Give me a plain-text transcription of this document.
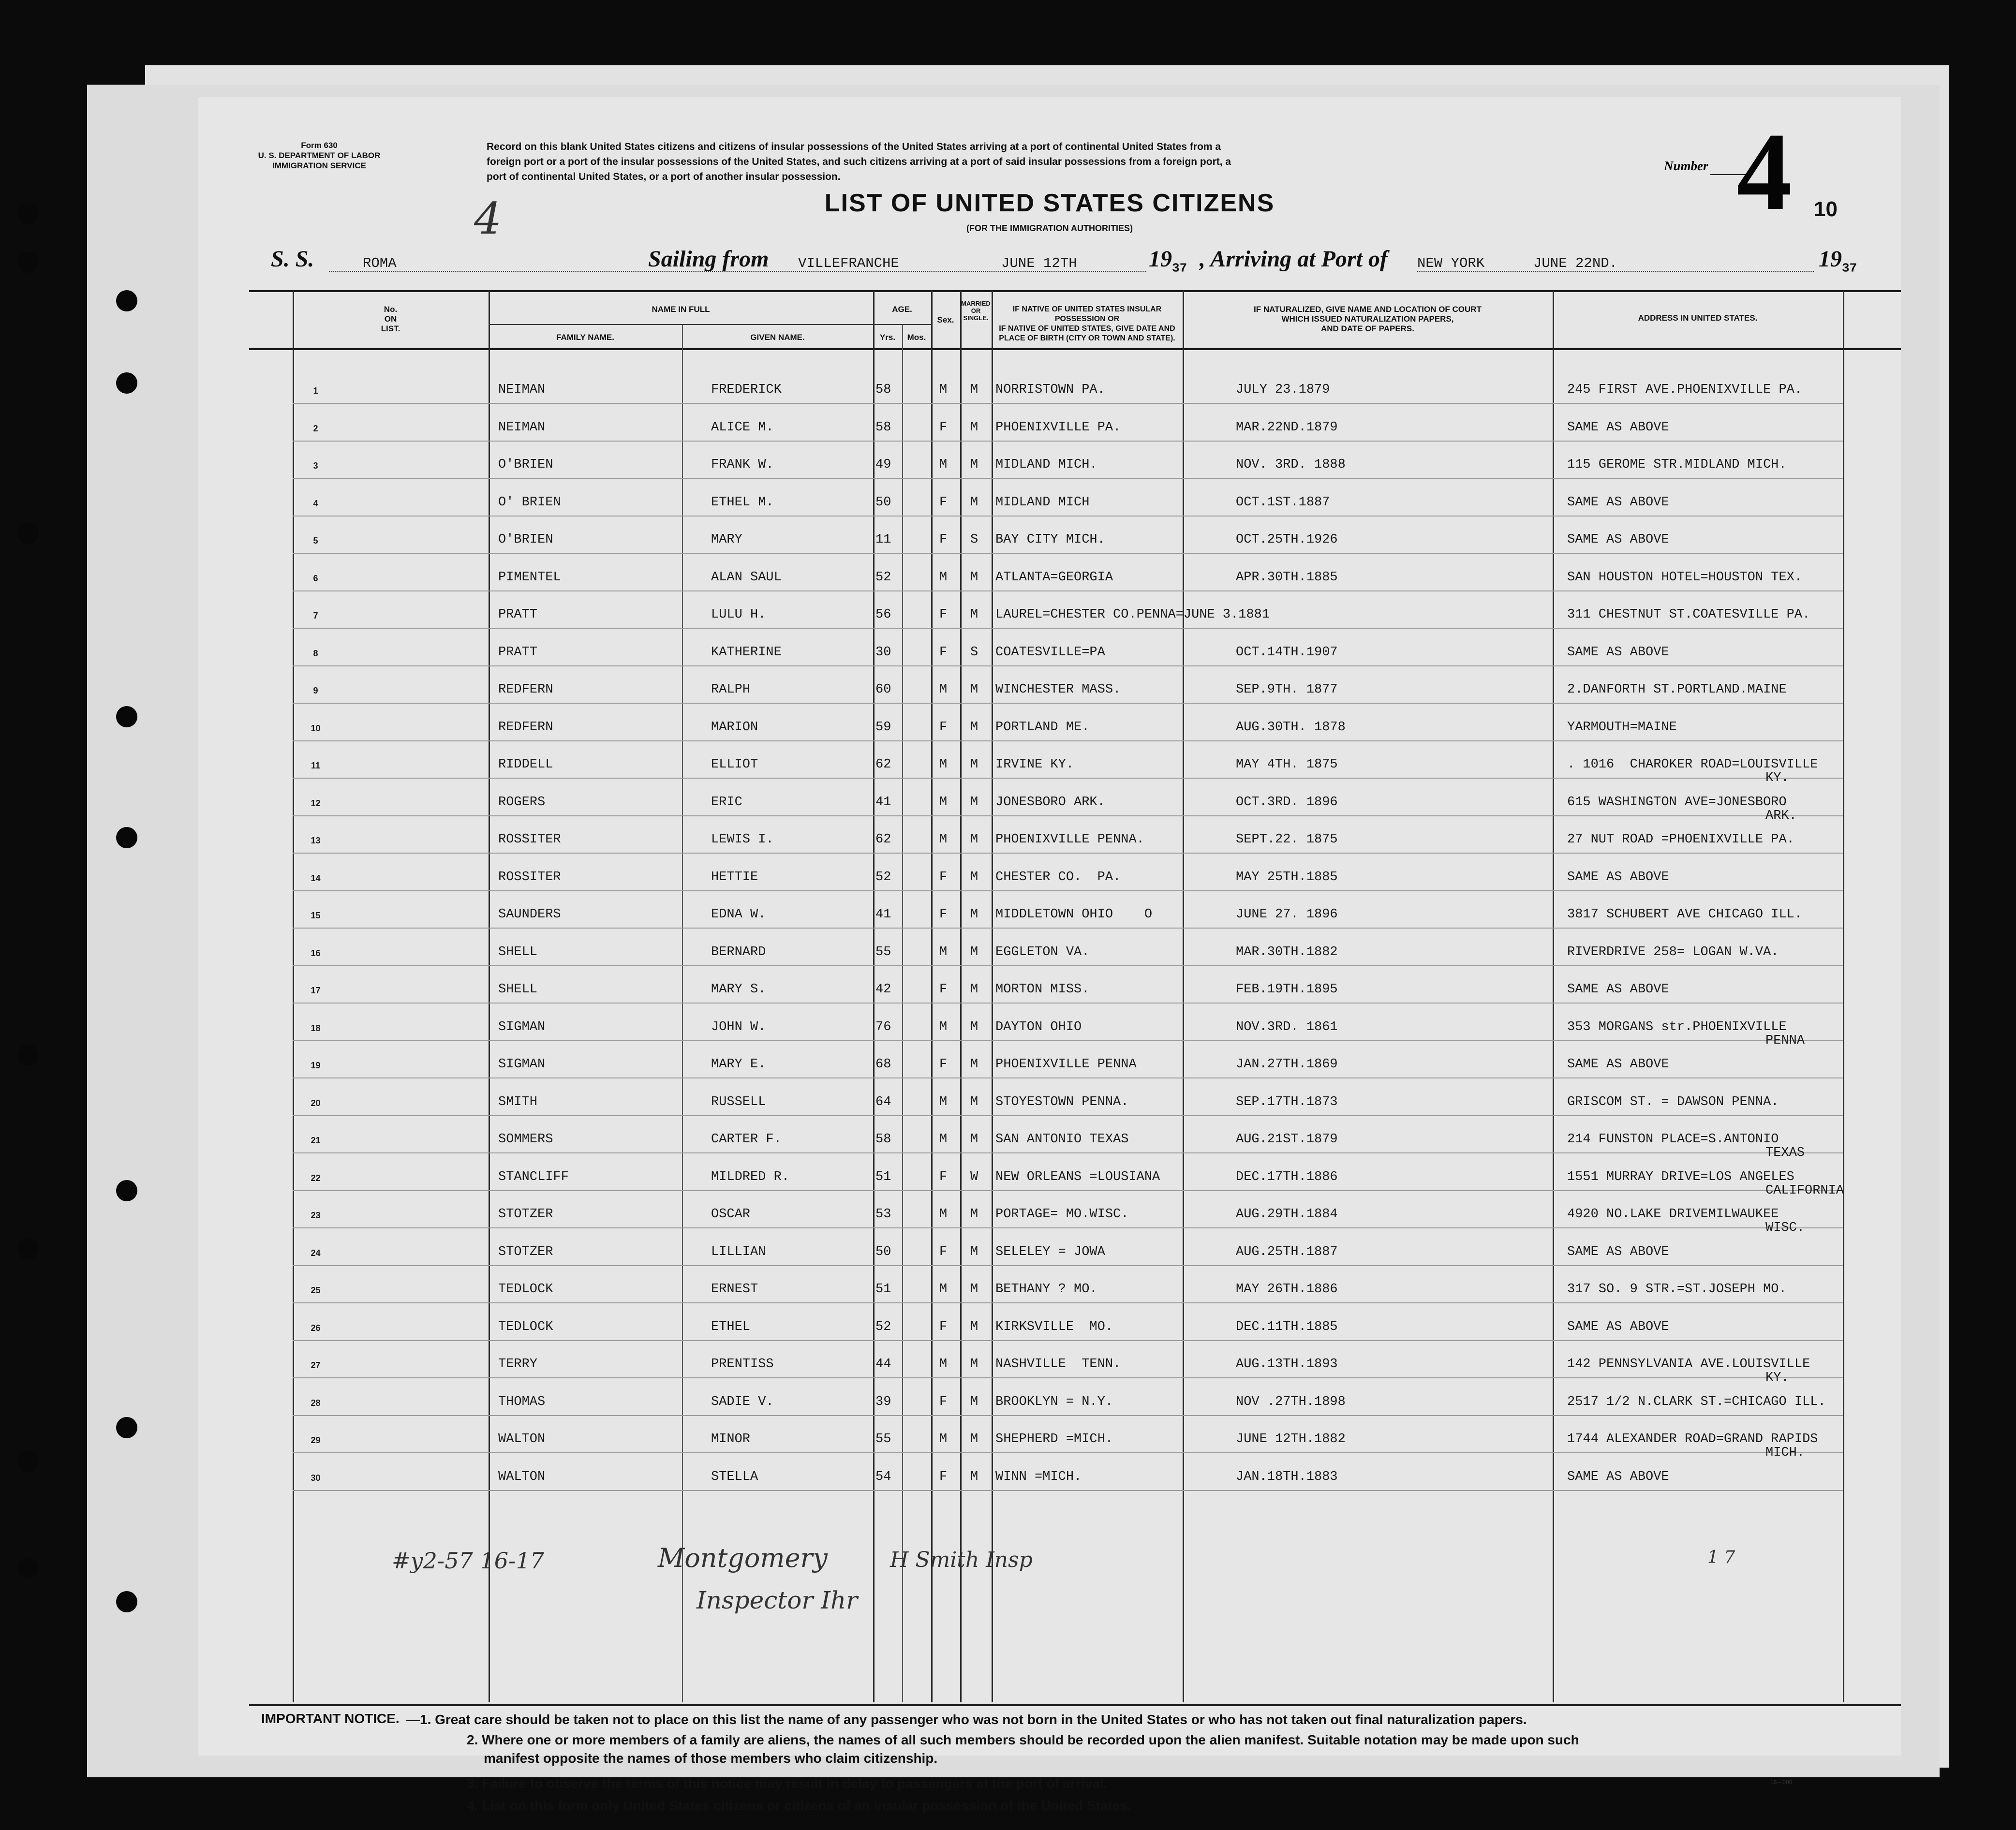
Form 630
U. S. DEPARTMENT OF LABOR
IMMIGRATION SERVICE
Record on this blank United States citizens and citizens of insular possessions of the United States arriving at a port of continental United States from a
foreign port or a port of the insular possessions of the United States, and such citizens arriving at a port of said insular possessions from a foreign port, a
port of continental United States, or a port of another insular possession.
Number 4
4	LIST OF UNITED STATES CITIZENS
(FOR THE IMMIGRATION AUTHORITIES)
10
S. S.	ROMA	Sailing from VILLEFRANCHE	JUNE 12TH	$19_{37}$ , Arriving at Port of NEW YORK	JUNE 22ND.	$19_{37}$
No.
ON
LIST.
NAME IN FULL
FAMILY NAME.	GIVEN NAME.
AGE.
Yrs.	Mos.
Sex.
MARRIED
OR SINGLE.
IF NATIVE OF UNITED STATES INSULAR POSSESSION OR
IF NATIVE OF UNITED STATES, GIVE DATE AND
PLACE OF BIRTH (CITY OR TOWN AND STATE).
IF NATURALIZED, GIVE NAME AND LOCATION OF COURT
WHICH ISSUED NATURALIZATION PAPERS,
AND DATE OF PAPERS.
ADDRESS IN UNITED STATES.
1	NEIMAN	FREDERICK	58	M M NORRISTOWN PA.	JULY 23.1879	245 FIRST AVE.PHOENIXVILLE PA.
2	NEIMAN	ALICE M.	58	F M PHOENIXVILLE PA.	MAR.22ND.1879	SAME AS ABOVE
3	O'BRIEN	FRANK W.	49	M M MIDLAND MICH.	NOV. 3RD. 1888	115 GEROME STR.MIDLAND MICH.
4	O' BRIEN	ETHEL M.	50	F M MIDLAND MICH	OCT.1ST.1887	SAME AS ABOVE
5	O'BRIEN	MARY	11	F S BAY CITY MICH.	OCT.25TH.1926	SAME AS ABOVE
6	PIMENTEL	ALAN SAUL	52	M M ATLANTA=GEORGIA	APR.30TH.1885	SAN HOUSTON HOTEL=HOUSTON TEX.
7	PRATT	LULU H.	56	F M LAUREL=CHESTER CO.PENNA=JUNE 3.1881	311 CHESTNUT ST.COATESVILLE PA.
8	PRATT	KATHERINE	30	F S COATESVILLE=PA	OCT.14TH.1907	SAME AS ABOVE
9	REDFERN	RALPH	60	M M WINCHESTER MASS.	SEP.9TH. 1877	2.DANFORTH ST.PORTLAND.MAINE
10	REDFERN	MARION	59	F M PORTLAND ME.	AUG.30TH. 1878	YARMOUTH=MAINE
11	RIDDELL	ELLIOT	62	M M IRVINE KY.	MAY 4TH. 1875	. 1016  CHAROKER ROAD=LOUISVILLE
KY.
12	ROGERS	ERIC	41	M M JONESBORO ARK.	OCT.3RD. 1896	615 WASHINGTON AVE=JONESBORO
ARK.
13	ROSSITER	LEWIS I.	62	M M PHOENIXVILLE PENNA.	SEPT.22. 1875	27 NUT ROAD =PHOENIXVILLE PA.
14	ROSSITER	HETTIE	52	F M CHESTER CO.  PA.	MAY 25TH.1885	SAME AS ABOVE
15	SAUNDERS	EDNA W.	41	F M MIDDLETOWN OHIO    O	JUNE 27. 1896	3817 SCHUBERT AVE CHICAGO ILL.
16	SHELL	BERNARD	55	M M EGGLETON VA.	MAR.30TH.1882	RIVERDRIVE 258= LOGAN W.VA.
17	SHELL	MARY S.	42	F M MORTON MISS.	FEB.19TH.1895	SAME AS ABOVE
18	SIGMAN	JOHN W.	76	M M DAYTON OHIO	NOV.3RD. 1861	353 MORGANS str.PHOENIXVILLE
PENNA
19	SIGMAN	MARY E.	68	F M PHOENIXVILLE PENNA	JAN.27TH.1869	SAME AS ABOVE
20	SMITH	RUSSELL	64	M M STOYESTOWN PENNA.	SEP.17TH.1873	GRISCOM ST. = DAWSON PENNA.
21	SOMMERS	CARTER F.	58	M M SAN ANTONIO TEXAS	AUG.21ST.1879	214 FUNSTON PLACE=S.ANTONIO
TEXAS
22	STANCLIFF	MILDRED R.	51	F W NEW ORLEANS =LOUSIANA	DEC.17TH.1886	1551 MURRAY DRIVE=LOS ANGELES
CALIFORNIA
23	STOTZER	OSCAR	53	M M PORTAGE= MO.WISC.	AUG.29TH.1884	4920 NO.LAKE DRIVEMILWAUKEE
WISC.
24	STOTZER	LILLIAN	50	F M SELELEY = JOWA	AUG.25TH.1887	SAME AS ABOVE
25	TEDLOCK	ERNEST	51	M M BETHANY ? MO.	MAY 26TH.1886	317 SO. 9 STR.=ST.JOSEPH MO.
26	TEDLOCK	ETHEL	52	F M KIRKSVILLE  MO.	DEC.11TH.1885	SAME AS ABOVE
27	TERRY	PRENTISS	44	M M NASHVILLE  TENN.	AUG.13TH.1893	142 PENNSYLVANIA AVE.LOUISVILLE
KY.
28	THOMAS	SADIE V.	39	F M BROOKLYN = N.Y.	NOV .27TH.1898	2517 1/2 N.CLARK ST.=CHICAGO ILL.
29	WALTON	MINOR	55	M M SHEPHERD =MICH.	JUNE 12TH.1882	1744 ALEXANDER ROAD=GRAND RAPIDS
MICH.
30	WALTON	STELLA	54	F M WINN =MICH.	JAN.18TH.1883	SAME AS ABOVE
#y2-57 16-17	Montgomery	H Smith Insp
Inspector Ihr
1 7
IMPORTANT NOTICE. —1. Great care should be taken not to place on this list the name of any passenger who was not born in the United States or who has not taken out final naturalization papers.
2. Where one or more members of a family are aliens, the names of all such members should be recorded upon the alien manifest. Suitable notation may be made upon such
manifest opposite the names of those members who claim citizenship.
3. Failure to observe the terms of this notice may result in delay to passengers at the port of arrival.
4. List on this form only United States citizens or citizens of an insular possession of the United States.
16—000
